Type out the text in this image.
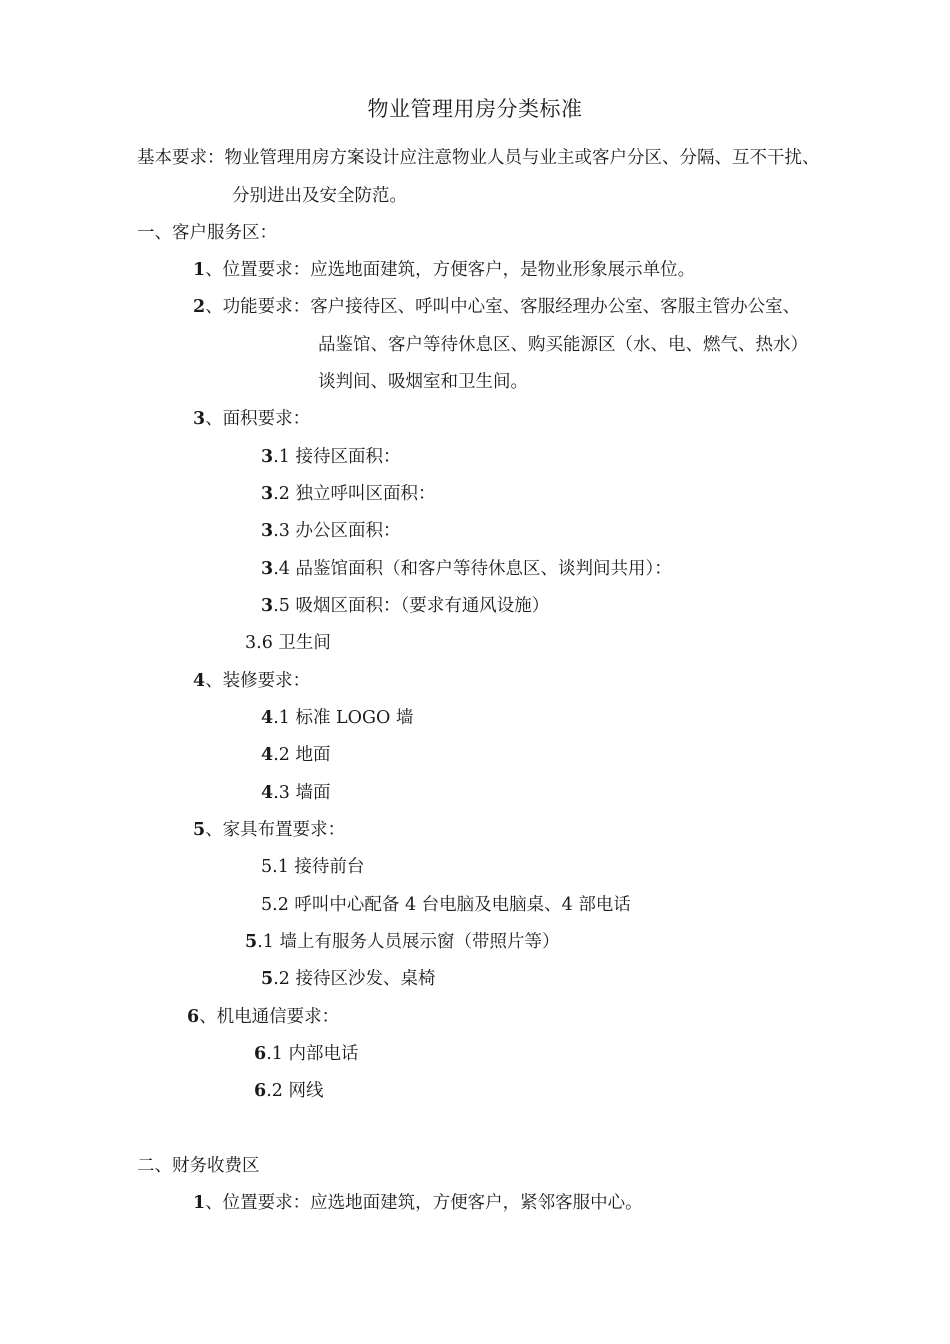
物业管理用房分类标准
基本要求：物业管理用房方案设计应注意物业人员与业主或客户分区、分隔、互不干扰、
分别进出及安全防范。
一、客户服务区：
1、位置要求：应选地面建筑，方便客户，是物业形象展示单位。
2、功能要求：客户接待区、呼叫中心室、客服经理办公室、客服主管办公室、
品鉴馆、客户等待休息区、购买能源区（水、电、燃气、热水）
谈判间、吸烟室和卫生间。
3、面积要求：
3.1 接待区面积：
3.2 独立呼叫区面积：
3.3 办公区面积：
3.4 品鉴馆面积（和客户等待休息区、谈判间共用）：
3.5 吸烟区面积：（要求有通风设施）
3.6 卫生间
4、装修要求：
4.1 标准 LOGO 墙
4.2 地面
4.3 墙面
5、家具布置要求：
5.1 接待前台
5.2 呼叫中心配备 4 台电脑及电脑桌、4 部电话
5.1 墙上有服务人员展示窗（带照片等）
5.2 接待区沙发、桌椅
6、机电通信要求：
6.1 内部电话
6.2 网线
二、财务收费区
1、位置要求：应选地面建筑，方便客户，紧邻客服中心。
